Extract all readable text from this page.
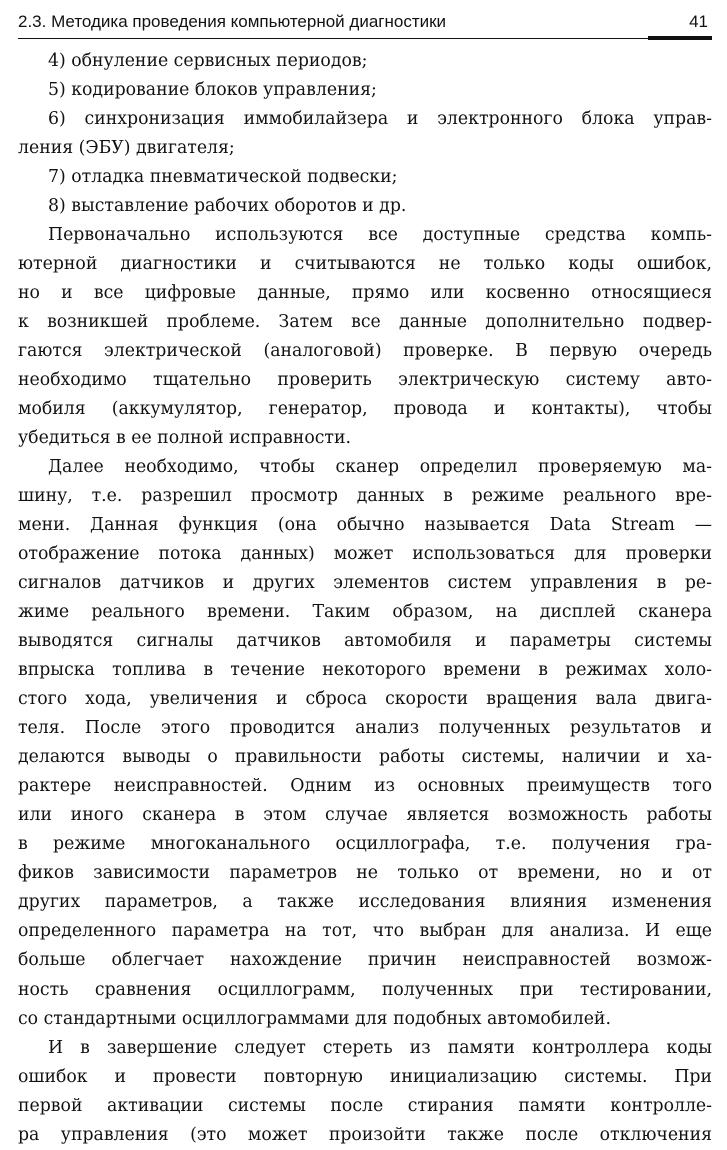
2.3. Методика проведения компьютерной диагностики	41
4) обнуление сервисных периодов;
5) кодирование блоков управления;
6) синхронизация иммобилайзера и электронного блока управ-
ления (ЭБУ) двигателя;
7) отладка пневматической подвески;
8) выставление рабочих оборотов и др.
Первоначально используются все доступные средства компь-
ютерной диагностики и считываются не только коды ошибок,
но и все цифровые данные, прямо или косвенно относящиеся
к возникшей проблеме. Затем все данные дополнительно подвер-
гаются электрической (аналоговой) проверке. В первую очередь
необходимо тщательно проверить электрическую систему авто-
мобиля (аккумулятор, генератор, провода и контакты), чтобы
убедиться в ее полной исправности.
Далее необходимо, чтобы сканер определил проверяемую ма-
шину, т.е. разрешил просмотр данных в режиме реального вре-
мени. Данная функция (она обычно называется Data Stream —
отображение потока данных) может использоваться для проверки
сигналов датчиков и других элементов систем управления в ре-
жиме реального времени. Таким образом, на дисплей сканера
выводятся сигналы датчиков автомобиля и параметры системы
впрыска топлива в течение некоторого времени в режимах холо-
стого хода, увеличения и сброса скорости вращения вала двига-
теля. После этого проводится анализ полученных результатов и
делаются выводы о правильности работы системы, наличии и ха-
рактере неисправностей. Одним из основных преимуществ того
или иного сканера в этом случае является возможность работы
в режиме многоканального осциллографа, т.е. получения гра-
фиков зависимости параметров не только от времени, но и от
других параметров, а также исследования влияния изменения
определенного параметра на тот, что выбран для анализа. И еще
больше облегчает нахождение причин неисправностей возмож-
ность сравнения осциллограмм, полученных при тестировании,
со стандартными осциллограммами для подобных автомобилей.
И в завершение следует стереть из памяти контроллера коды
ошибок и провести повторную инициализацию системы. При
первой активации системы после стирания памяти контролле-
ра управления (это может произойти также после отключения
